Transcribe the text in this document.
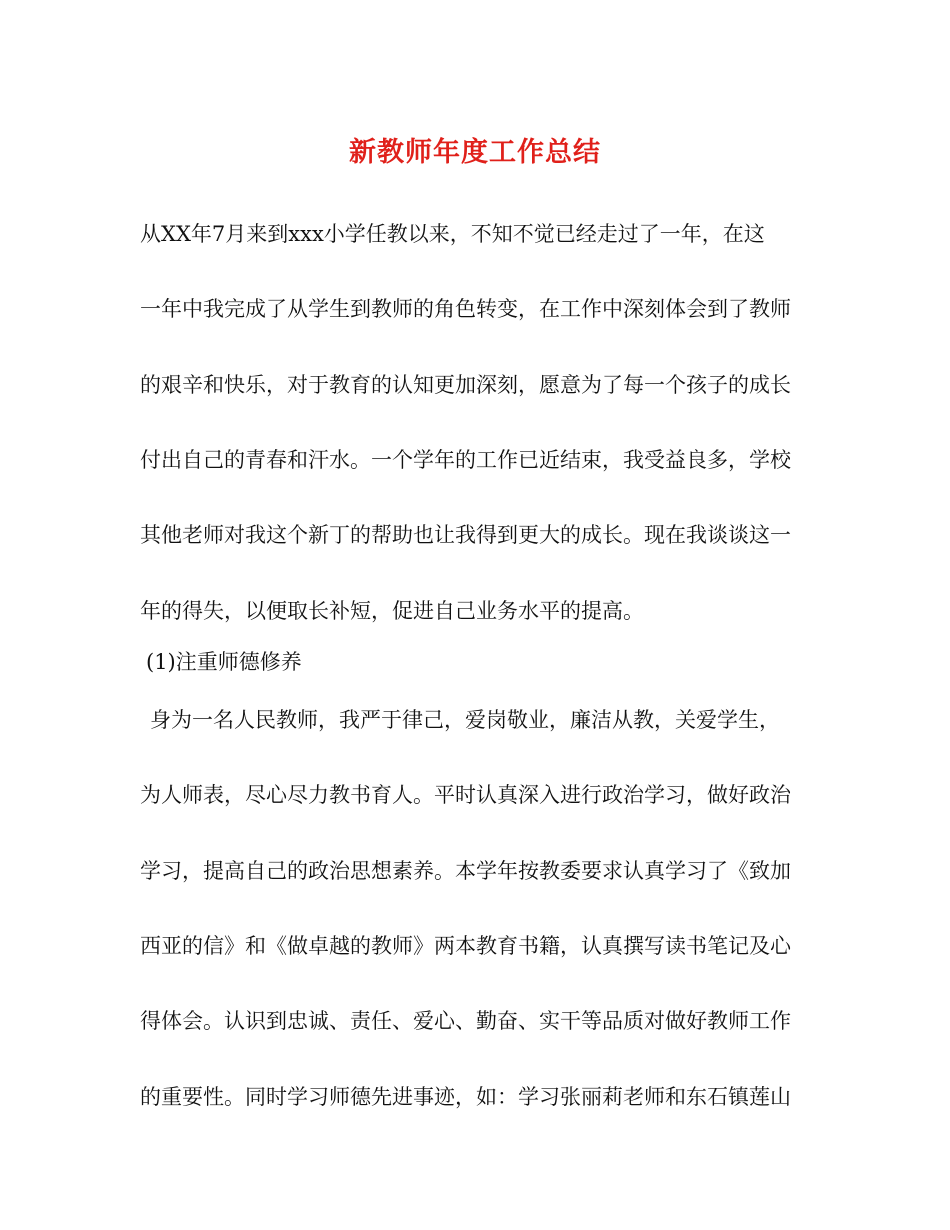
新教师年度工作总结

从XX年7月来到xxx小学任教以来，不知不觉已经走过了一年，在这

一年中我完成了从学生到教师的角色转变，在工作中深刻体会到了教师

的艰辛和快乐，对于教育的认知更加深刻，愿意为了每一个孩子的成长

付出自己的青春和汗水。一个学年的工作已近结束，我受益良多，学校

其他老师对我这个新丁的帮助也让我得到更大的成长。现在我谈谈这一

年的得失，以便取长补短，促进自己业务水平的提高。

(1)注重师德修养

身为一名人民教师，我严于律己，爱岗敬业，廉洁从教，关爱学生，

为人师表，尽心尽力教书育人。平时认真深入进行政治学习，做好政治

学习，提高自己的政治思想素养。本学年按教委要求认真学习了《致加

西亚的信》和《做卓越的教师》两本教育书籍，认真撰写读书笔记及心

得体会。认识到忠诚、责任、爱心、勤奋、实干等品质对做好教师工作

的重要性。同时学习师德先进事迹，如：学习张丽莉老师和东石镇莲山
